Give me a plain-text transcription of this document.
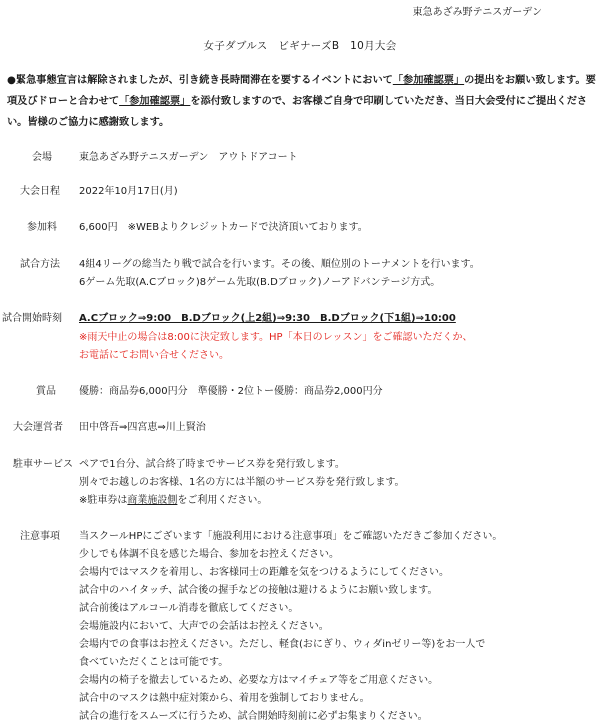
東急あざみ野テニスガーデン
女子ダブルス　ビギナーズB　10月大会
●緊急事態宣言は解除されましたが、引き続き長時間滞在を要するイベントにおいて「参加確認票」の提出をお願い致します。要項及びドローと合わせて「参加確認票」を添付致しますので、お客様ご自身で印刷していただき、当日大会受付にご提出ください。皆様のご協力に感謝致します。
会場	東急あざみ野テニスガーデン　アウトドアコート
大会日程 2022年10月17日(月)
参加料 6,600円　※WEBよりクレジットカードで決済頂いております。
試合方法 4組4リーグの総当たり戦で試合を行います。その後、順位別のトーナメントを行います。
6ゲーム先取(A.Cブロック)8ゲーム先取(B.Dブロック)ノーアドバンテージ方式。
試合開始時刻 A.Cブロック⇒9:00　B.Dブロック(上2組)⇒9:30　B.Dブロック(下1組)⇒10:00
※雨天中止の場合は8:00に決定致します。HP「本日のレッスン」をご確認いただくか、
お電話にてお問い合せください。
賞品 優勝：商品券6,000円分　準優勝・2位トー優勝：商品券2,000円分
大会運営者 田中啓吾⇒四宮恵⇒川上賢治
駐車サービス ペアで1台分、試合終了時までサービス券を発行致します。
別々でお越しのお客様、1名の方には半額のサービス券を発行致します。
※駐車券は商業施設側をご利用ください。
注意事項 当スクールHPにございます「施設利用における注意事項」をご確認いただきご参加ください。
少しでも体調不良を感じた場合、参加をお控えください。
会場内ではマスクを着用し、お客様同士の距離を気をつけるようにしてください。
試合中のハイタッチ、試合後の握手などの接触は避けるようにお願い致します。
試合前後はアルコール消毒を徹底してください。
会場施設内において、大声での会話はお控えください。
会場内での食事はお控えください。ただし、軽食(おにぎり、ウィダinゼリー等)をお一人で
食べていただくことは可能です。
会場内の椅子を撤去しているため、必要な方はマイチェア等をご用意ください。
試合中のマスクは熱中症対策から、着用を強制しておりません。
試合の進行をスムーズに行うため、試合開始時刻前に必ずお集まりください。
